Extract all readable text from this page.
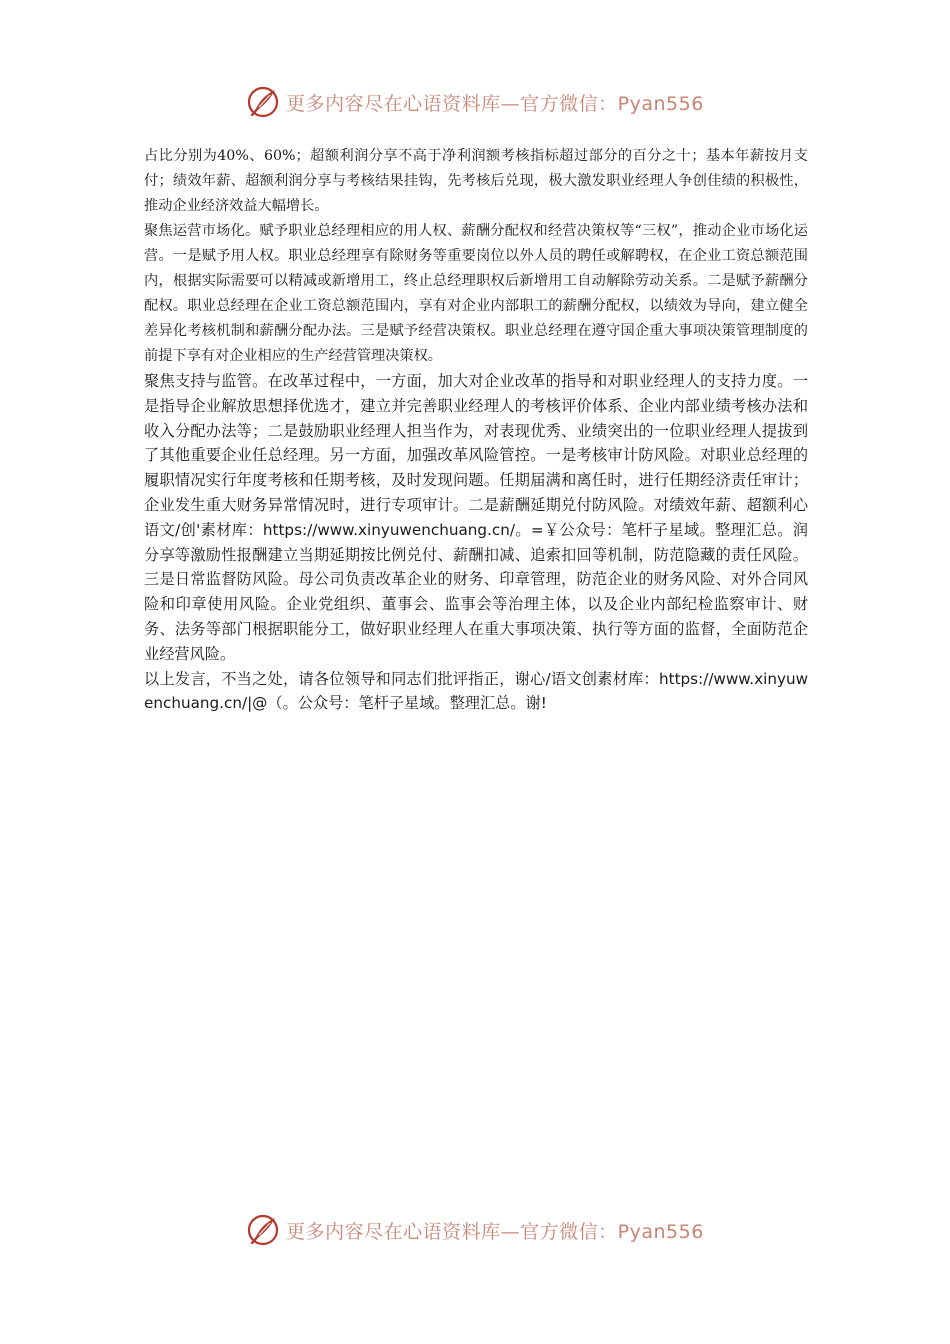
更多内容尽在心语资料库—官方微信：Pyan556

占比分别为40%、60%；超额利润分享不高于净利润额考核指标超过部分的百分之十；基本年薪按月支付；绩效年薪、超额利润分享与考核结果挂钩，先考核后兑现，极大激发职业经理人争创佳绩的积极性，推动企业经济效益大幅增长。

聚焦运营市场化。赋予职业总经理相应的用人权、薪酬分配权和经营决策权等“三权”，推动企业市场化运营。一是赋予用人权。职业总经理享有除财务等重要岗位以外人员的聘任或解聘权，在企业工资总额范围内，根据实际需要可以精减或新增用工，终止总经理职权后新增用工自动解除劳动关系。二是赋予薪酬分配权。职业总经理在企业工资总额范围内，享有对企业内部职工的薪酬分配权，以绩效为导向，建立健全差异化考核机制和薪酬分配办法。三是赋予经营决策权。职业总经理在遵守国企重大事项决策管理制度的前提下享有对企业相应的生产经营管理决策权。

聚焦支持与监管。在改革过程中，一方面，加大对企业改革的指导和对职业经理人的支持力度。一是指导企业解放思想择优选才，建立并完善职业经理人的考核评价体系、企业内部业绩考核办法和收入分配办法等；二是鼓励职业经理人担当作为，对表现优秀、业绩突出的一位职业经理人提拔到了其他重要企业任总经理。另一方面，加强改革风险管控。一是考核审计防风险。对职业总经理的履职情况实行年度考核和任期考核，及时发现问题。任期届满和离任时，进行任期经济责任审计；企业发生重大财务异常情况时，进行专项审计。二是薪酬延期兑付防风险。对绩效年薪、超额利心语文/创'素材库：https://www.xinyuwenchuang.cn/。=￥公众号：笔杆子星域。整理汇总。润分享等激励性报酬建立当期延期按比例兑付、薪酬扣减、追索扣回等机制，防范隐藏的责任风险。三是日常监督防风险。母公司负责改革企业的财务、印章管理，防范企业的财务风险、对外合同风险和印章使用风险。企业党组织、董事会、监事会等治理主体，以及企业内部纪检监察审计、财务、法务等部门根据职能分工，做好职业经理人在重大事项决策、执行等方面的监督，全面防范企业经营风险。

以上发言，不当之处，请各位领导和同志们批评指正，谢心/语文创素材库：https://www.xinyuwenchuang.cn/|@（。公众号：笔杆子星域。整理汇总。谢!

更多内容尽在心语资料库—官方微信：Pyan556
